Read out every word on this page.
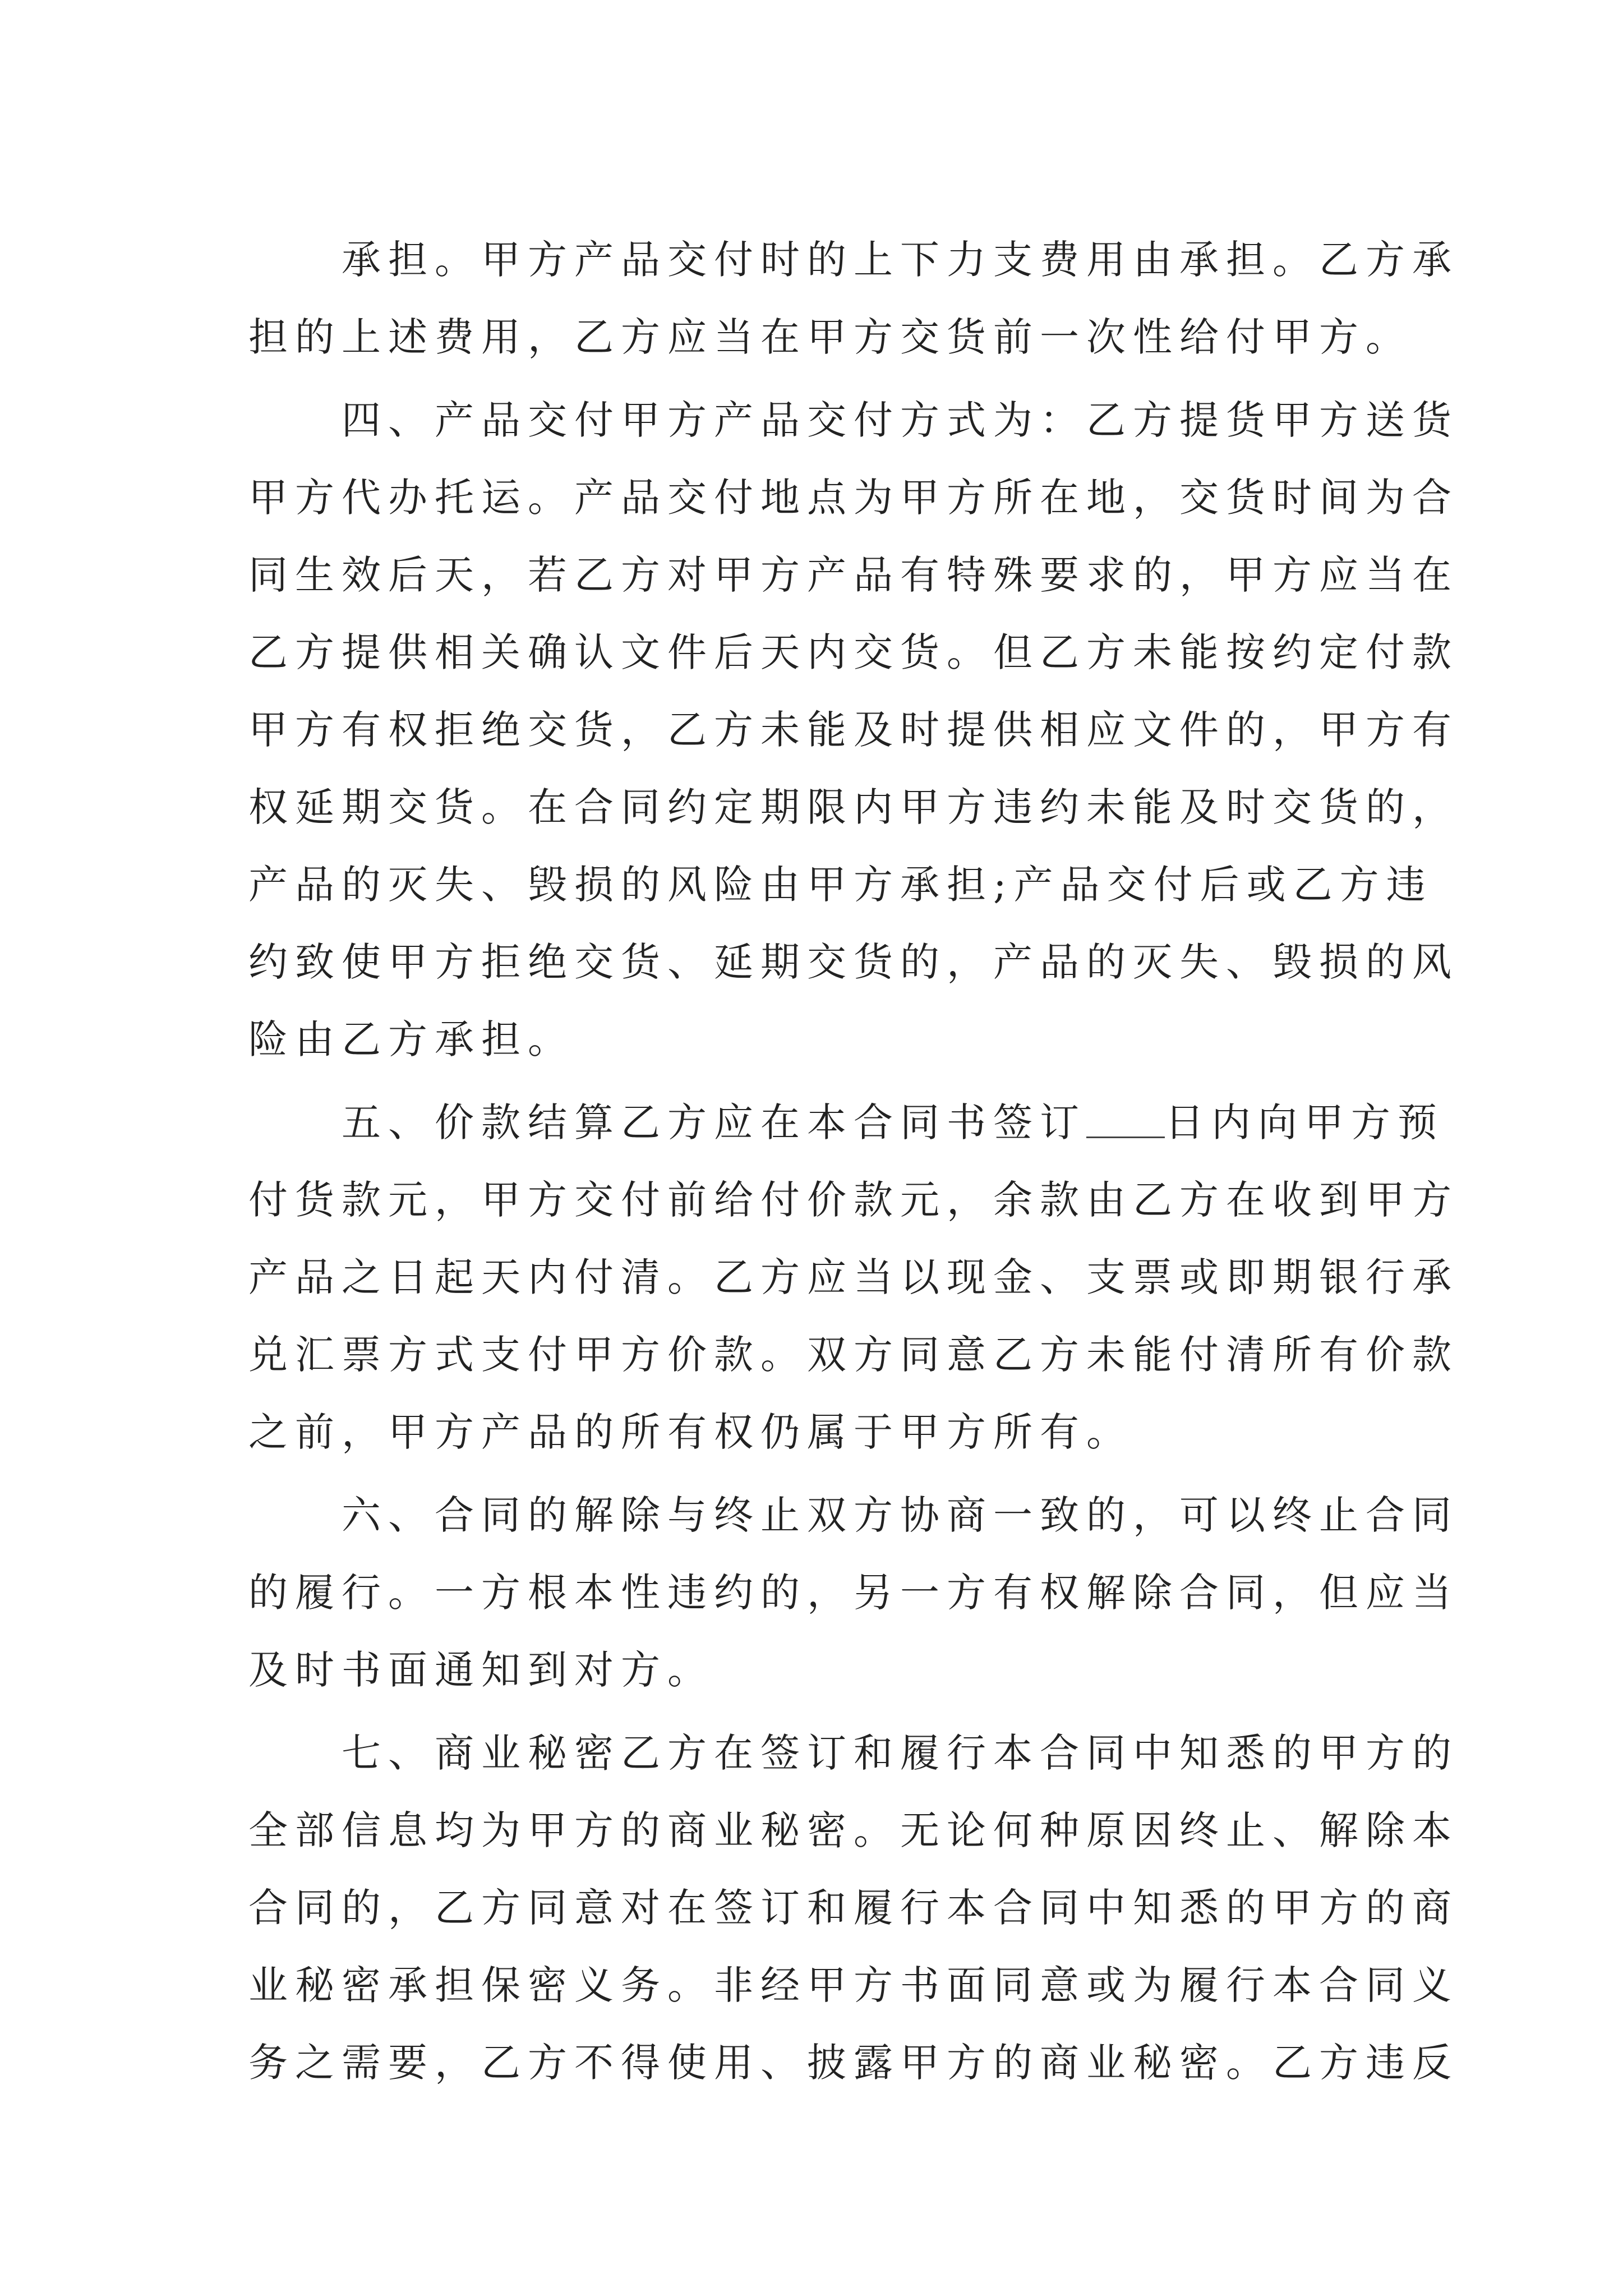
承担。甲方产品交付时的上下力支费用由承担。乙方承
担的上述费用，乙方应当在甲方交货前一次性给付甲方。
四、产品交付甲方产品交付方式为：乙方提货甲方送货
甲方代办托运。产品交付地点为甲方所在地，交货时间为合
同生效后天，若乙方对甲方产品有特殊要求的，甲方应当在
乙方提供相关确认文件后天内交货。但乙方未能按约定付款
甲方有权拒绝交货，乙方未能及时提供相应文件的，甲方有
权延期交货。在合同约定期限内甲方违约未能及时交货的，
产品的灭失、毁损的风险由甲方承担;产品交付后或乙方违
约致使甲方拒绝交货、延期交货的，产品的灭失、毁损的风
险由乙方承担。
五、价款结算乙方应在本合同书签订 日内向甲方预
付货款元，甲方交付前给付价款元，余款由乙方在收到甲方
产品之日起天内付清。乙方应当以现金、支票或即期银行承
兑汇票方式支付甲方价款。双方同意乙方未能付清所有价款
之前，甲方产品的所有权仍属于甲方所有。
六、合同的解除与终止双方协商一致的，可以终止合同
的履行。一方根本性违约的，另一方有权解除合同，但应当
及时书面通知到对方。
七、商业秘密乙方在签订和履行本合同中知悉的甲方的
全部信息均为甲方的商业秘密。无论何种原因终止、解除本
合同的，乙方同意对在签订和履行本合同中知悉的甲方的商
业秘密承担保密义务。非经甲方书面同意或为履行本合同义
务之需要，乙方不得使用、披露甲方的商业秘密。乙方违反
